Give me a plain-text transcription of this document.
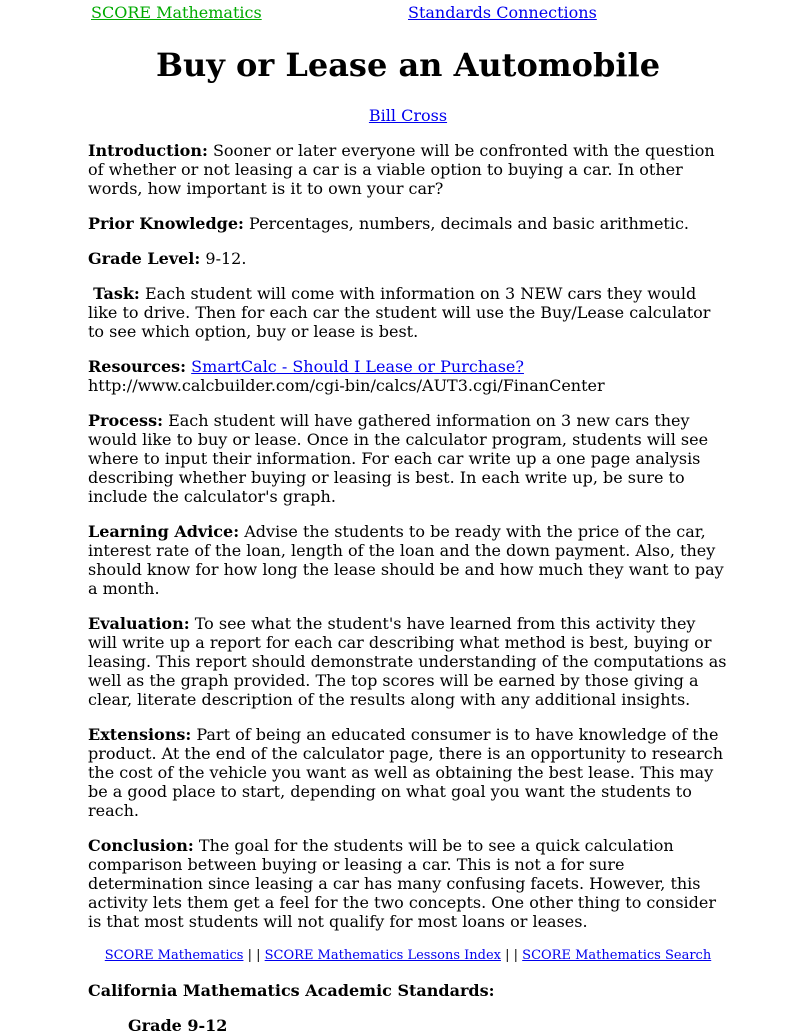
SCORE Mathematics	Standards Connections
Buy or Lease an Automobile
Bill Cross

Introduction: Sooner or later everyone will be confronted with the question of whether or not leasing a car is a viable option to buying a car. In other words, how important is it to own your car?

Prior Knowledge: Percentages, numbers, decimals and basic arithmetic.

Grade Level: 9-12.

Task: Each student will come with information on 3 NEW cars they would like to drive. Then for each car the student will use the Buy/Lease calculator to see which option, buy or lease is best.

Resources: SmartCalc - Should I Lease or Purchase?
http://www.calcbuilder.com/cgi-bin/calcs/AUT3.cgi/FinanCenter

Process: Each student will have gathered information on 3 new cars they would like to buy or lease. Once in the calculator program, students will see where to input their information. For each car write up a one page analysis describing whether buying or leasing is best. In each write up, be sure to include the calculator's graph.

Learning Advice: Advise the students to be ready with the price of the car, interest rate of the loan, length of the loan and the down payment. Also, they should know for how long the lease should be and how much they want to pay a month.

Evaluation: To see what the student's have learned from this activity they will write up a report for each car describing what method is best, buying or leasing. This report should demonstrate understanding of the computations as well as the graph provided. The top scores will be earned by those giving a clear, literate description of the results along with any additional insights.

Extensions: Part of being an educated consumer is to have knowledge of the product. At the end of the calculator page, there is an opportunity to research the cost of the vehicle you want as well as obtaining the best lease. This may be a good place to start, depending on what goal you want the students to reach.

Conclusion: The goal for the students will be to see a quick calculation comparison between buying or leasing a car. This is not a for sure determination since leasing a car has many confusing facets. However, this activity lets them get a feel for the two concepts. One other thing to consider is that most students will not qualify for most loans or leases.

SCORE Mathematics | | SCORE Mathematics Lessons Index | | SCORE Mathematics Search
California Mathematics Academic Standards:
Grade 9-12
